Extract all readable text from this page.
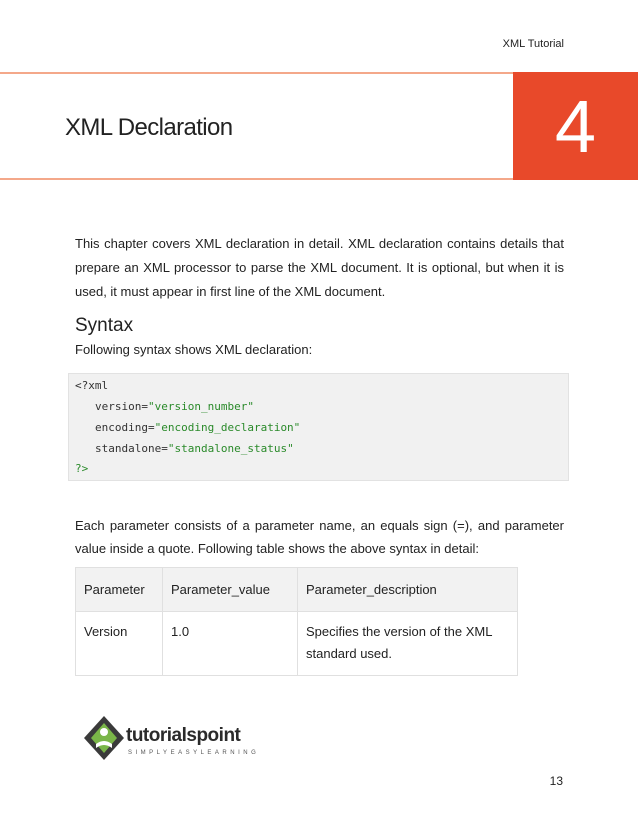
XML Tutorial
XML Declaration	4

This chapter covers XML declaration in detail. XML declaration contains details that prepare an XML processor to parse the XML document. It is optional, but when it is used, it must appear in first line of the XML document.

Syntax

Following syntax shows XML declaration:

<?xml
version="version_number"
encoding="encoding_declaration"
standalone="standalone_status"
?>

Each parameter consists of a parameter name, an equals sign (=), and parameter value inside a quote. Following table shows the above syntax in detail:

Parameter	Parameter_value	Parameter_description
Version	1.0	Specifies the version of the XML standard used.
tutorialspoint
SIMPLYEASYLEARNING
13
